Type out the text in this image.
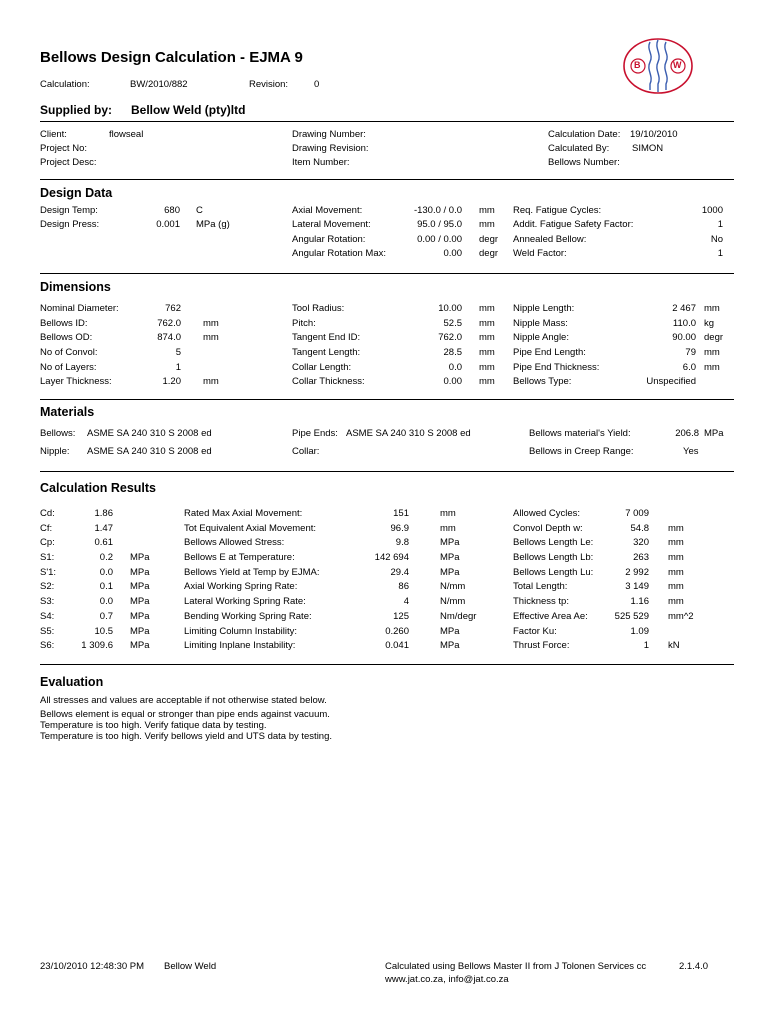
Bellows Design Calculation - EJMA 9
Calculation:	BW/2010/882	Revision:	0
B	W
Supplied by: Bellow Weld (pty)ltd
Client:	flowseal
Project No:
Project Desc:
Drawing Number:
Drawing Revision:
Item Number:
Calculation Date: 19/10/2010
Calculated By: SIMON
Bellows Number:
Design Data
Design Temp:	680 C
Design Press:	0.001 MPa (g)
Axial Movement:	-130.0 / 0.0 mm
Lateral Movement:	95.0 / 95.0 mm
Angular Rotation:	0.00 / 0.00 degr
Angular Rotation Max:	0.00 degr
Req. Fatigue Cycles:	1000
Addit. Fatigue Safety Factor:	1
Annealed Bellow:	No
Weld Factor:	1
Dimensions
Nominal Diameter:	762
Bellows ID:	762.0 mm
Bellows OD:	874.0 mm
No of Convol:	5
No of Layers:	1
Layer Thickness:	1.20 mm
Tool Radius:	10.00 mm
Pitch:	52.5 mm
Tangent End ID:	762.0 mm
Tangent Length:	28.5 mm
Collar Length:	0.0 mm
Collar Thickness:	0.00 mm
Nipple Length:	2 467 mm
Nipple Mass:	110.0 kg
Nipple Angle:	90.00 degr
Pipe End Length:	79 mm
Pipe End Thickness:	6.0 mm
Bellows Type:	Unspecified
Materials
Bellows: ASME SA 240 310 S 2008 ed
Nipple: ASME SA 240 310 S 2008 ed
Pipe Ends: ASME SA 240 310 S 2008 ed
Collar:
Bellows material's Yield:	206.8 MPa
Bellows in Creep Range:	Yes
Calculation Results
Cd:	1.86
Cf:	1.47
Cp:	0.61
S1:	0.2 MPa
S'1:	0.0 MPa
S2:	0.1 MPa
S3:	0.0 MPa
S4:	0.7 MPa
S5:	10.5 MPa
S6:	1 309.6 MPa
Rated Max Axial Movement:	151	mm
Tot Equivalent Axial Movement:	96.9	mm
Bellows Allowed Stress:	9.8	MPa
Bellows E at Temperature:	142 694	MPa
Bellows Yield at Temp by EJMA:	29.4	MPa
Axial Working Spring Rate:	86	N/mm
Lateral Working Spring Rate:	4	N/mm
Bending Working Spring Rate:	125	Nm/degr
Limiting Column Instability:	0.260	MPa
Limiting Inplane Instability:	0.041	MPa
Allowed Cycles:	7 009
Convol Depth w:	54.8 mm
Bellows Length Le:	320 mm
Bellows Length Lb:	263 mm
Bellows Length Lu:	2 992 mm
Total Length:	3 149 mm
Thickness tp:	1.16 mm
Effective Area Ae:	525 529 mm^2
Factor Ku:	1.09
Thrust Force:	1 kN
Evaluation
All stresses and values are acceptable if not otherwise stated below.
Bellows element is equal or stronger than pipe ends against vacuum.
Temperature is too high. Verify fatique data by testing.
Temperature is too high. Verify bellows yield and UTS data by testing.
23/10/2010 12:48:30 PM Bellow Weld	Calculated using Bellows Master II from J Tolonen Services cc	2.1.4.0
www.jat.co.za, info@jat.co.za
